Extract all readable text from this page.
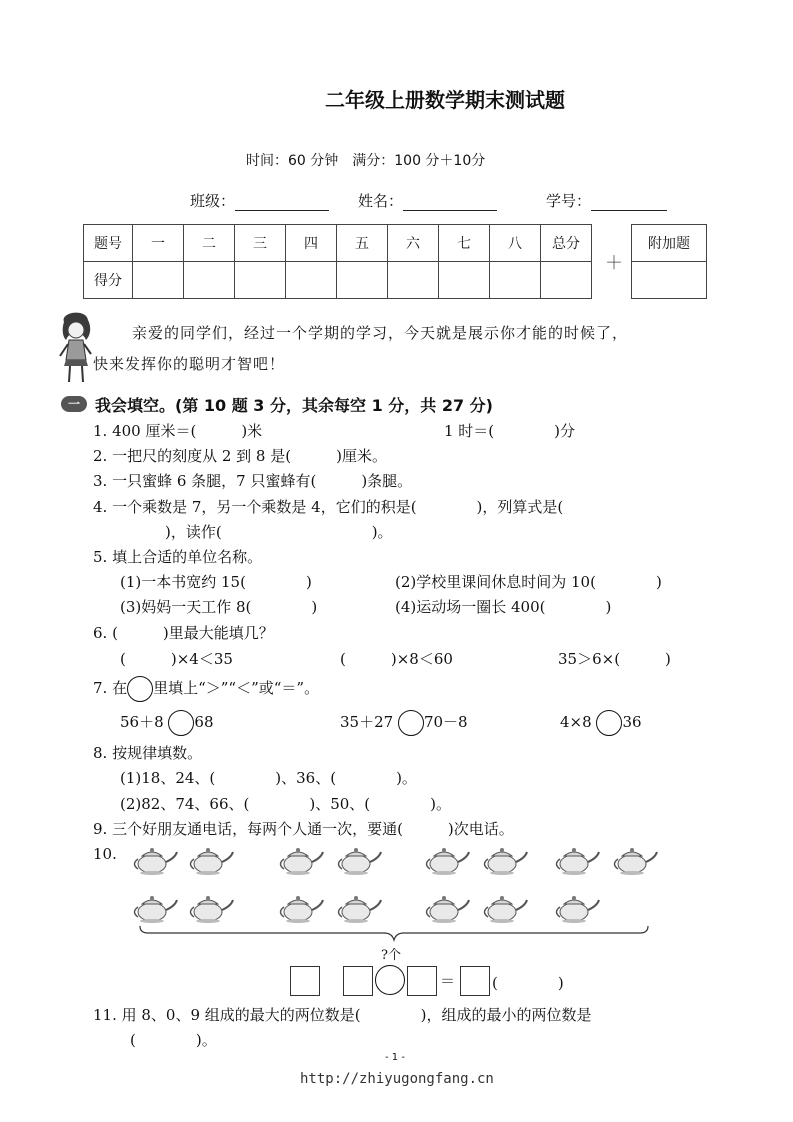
二年级上册数学期末测试题
时间：60 分钟　满分：100 分＋10分
班级：	姓名：	学号：
题号	一	二	三	四	五	六	七	八	总分
得分									
＋
附加题

亲爱的同学们，经过一个学期的学习，今天就是展示你才能的时候了，
快来发挥你的聪明才智吧！
一 我会填空。(第 10 题 3 分，其余每空 1 分，共 27 分)
1. 400 厘米＝(　　　)米	1 时＝(　　　　)分
2. 一把尺的刻度从 2 到 8 是(　　　)厘米。
3. 一只蜜蜂 6 条腿，7 只蜜蜂有(　　　)条腿。
4. 一个乘数是 7，另一个乘数是 4，它们的积是(　　　　)，列算式是(
　　　)，读作(　　　　　　　　　　)。
5. 填上合适的单位名称。
(1)一本书宽约 15(　　　　)	(2)学校里课间休息时间为 10(　　　　)
(3)妈妈一天工作 8(　　　　)	(4)运动场一圈长 400(　　　　)
6. (　　　)里最大能填几？
(　　　)×4＜35	(　　　)×8＜60	35＞6×(　　　)
7. 在 里填上“＞”“＜”或“＝”。
56＋8 68	35＋27 70－8	4×8 36
8. 按规律填数。
(1)18、24、(　　　　)、36、(　　　　)。
(2)82、74、66、(　　　　)、50、(　　　　)。
9. 三个好朋友通电话，每两个人通一次，要通(　　　)次电话。
10.
?个
＝ (　　　　)
11. 用 8、0、9 组成的最大的两位数是(　　　　)，组成的最小的两位数是
(　　　　)。
- 1 -
http://zhiyugongfang.cn
